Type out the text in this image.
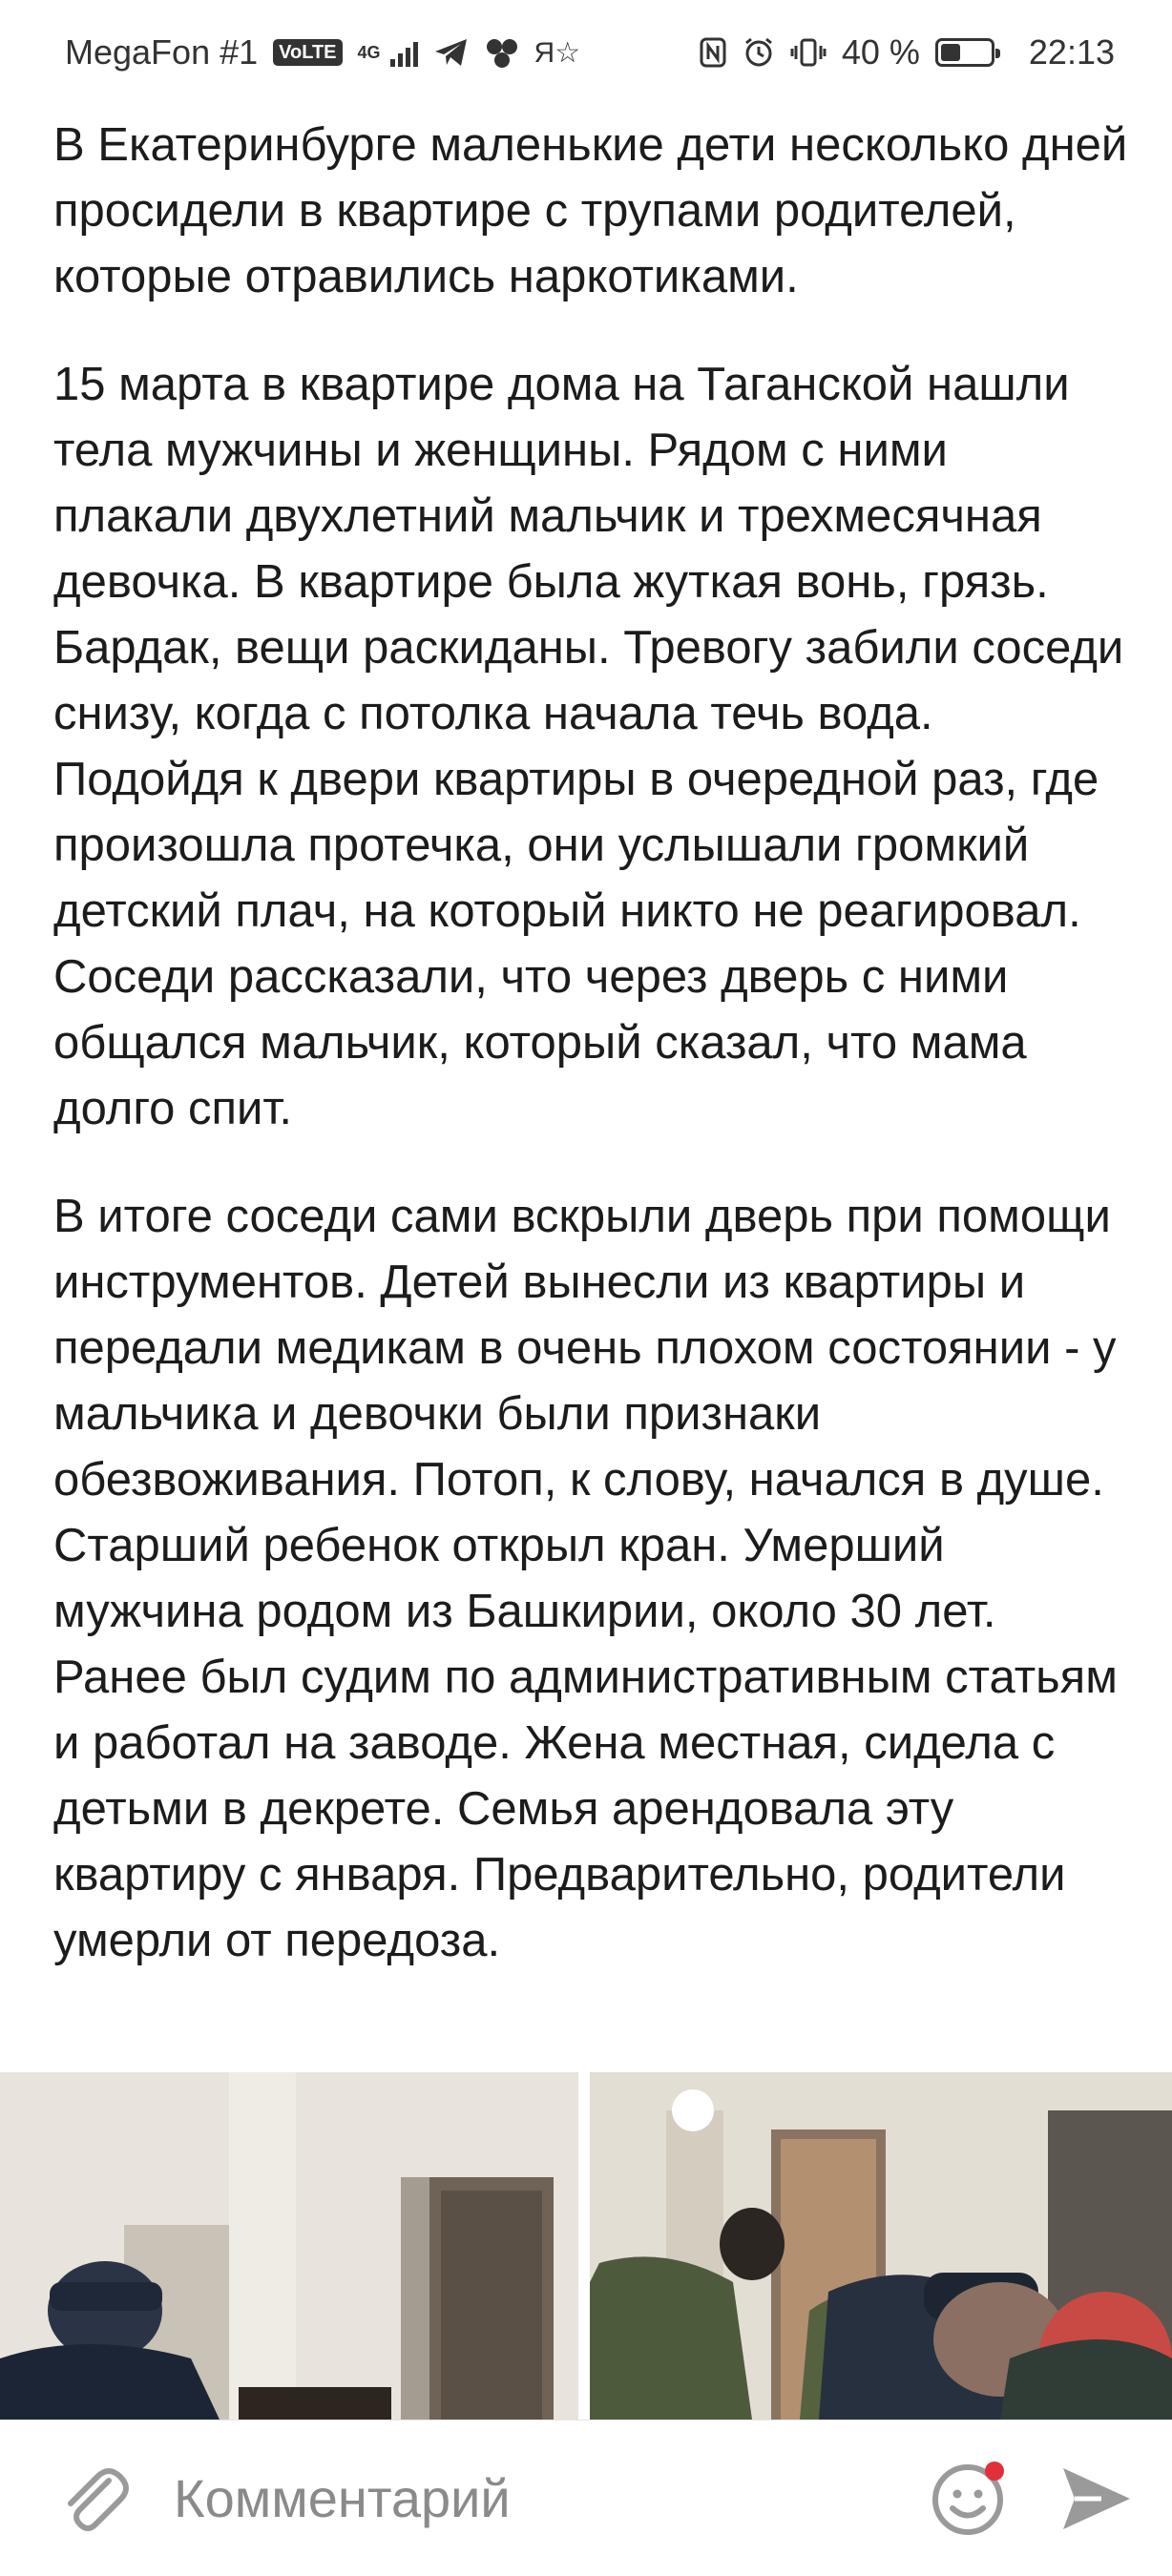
MegaFon #1	VoLTE	4G	Я☆	40 %	22:13

В Екатеринбурге маленькие дети несколько дней просидели в квартире с трупами родителей, которые отравились наркотиками.

15 марта в квартире дома на Таганской нашли тела мужчины и женщины. Рядом с ними плакали двухлетний мальчик и трехмесячная девочка. В квартире была жуткая вонь, грязь. Бардак, вещи раскиданы. Тревогу забили соседи снизу, когда с потолка начала течь вода. Подойдя к двери квартиры в очередной раз, где произошла протечка, они услышали громкий детский плач, на который никто не реагировал. Соседи рассказали, что через дверь с ними общался мальчик, который сказал, что мама долго спит.

В итоге соседи сами вскрыли дверь при помощи инструментов. Детей вынесли из квартиры и передали медикам в очень плохом состоянии - у мальчика и девочки были признаки обезвоживания. Потоп, к слову, начался в душе. Старший ребенок открыл кран. Умерший мужчина родом из Башкирии, около 30 лет. Ранее был судим по административным статьям и работал на заводе. Жена местная, сидела с детьми в декрете. Семья арендовала эту квартиру с января. Предварительно, родители умерли от передоза.

Комментарий
